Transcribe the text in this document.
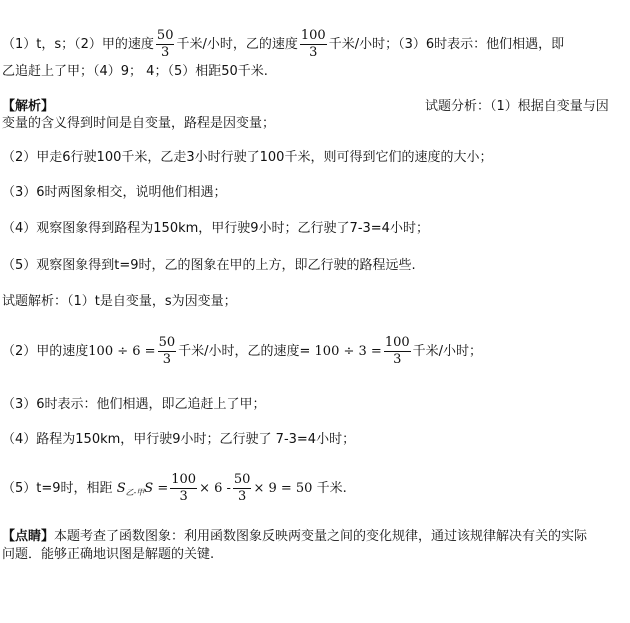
（1）t，s；（2）甲的速度 $\frac{50}{3}$ 千米/小时，乙的速度 $\frac{100}{3}$ 千米/小时；（3）6时表示：他们相遇，即
乙追赶上了甲；（4）9； 4；（5）相距50千米.
【解析】	试题分析：（1）根据自变量与因
变量的含义得到时间是自变量，路程是因变量；
（2）甲走6行驶100千米，乙走3小时行驶了100千米，则可得到它们的速度的大小；
（3）6时两图象相交，说明他们相遇；
（4）观察图象得到路程为150km，甲行驶9小时；乙行驶了7-3=4小时；
（5）观察图象得到t=9时，乙的图象在甲的上方，即乙行驶的路程远些.
试题解析：（1）t是自变量，s为因变量；
（2）甲的速度$100 \div 6 = \frac{50}{3}$ 千米/小时，乙的速度= $100 \div 3 = \frac{100}{3}$ 千米/小时；
（3）6时表示：他们相遇，即乙追赶上了甲；
（4）路程为150km，甲行驶9小时；乙行驶了 7-3=4小时；
（5）t=9时，相距 $S_{乙-甲}S = \frac{100}{3} \times 6 - \frac{50}{3} \times 9 = 50$ 千米.
【点睛】本题考查了函数图象：利用函数图象反映两变量之间的变化规律，通过该规律解决有关的实际
问题．能够正确地识图是解题的关键.
